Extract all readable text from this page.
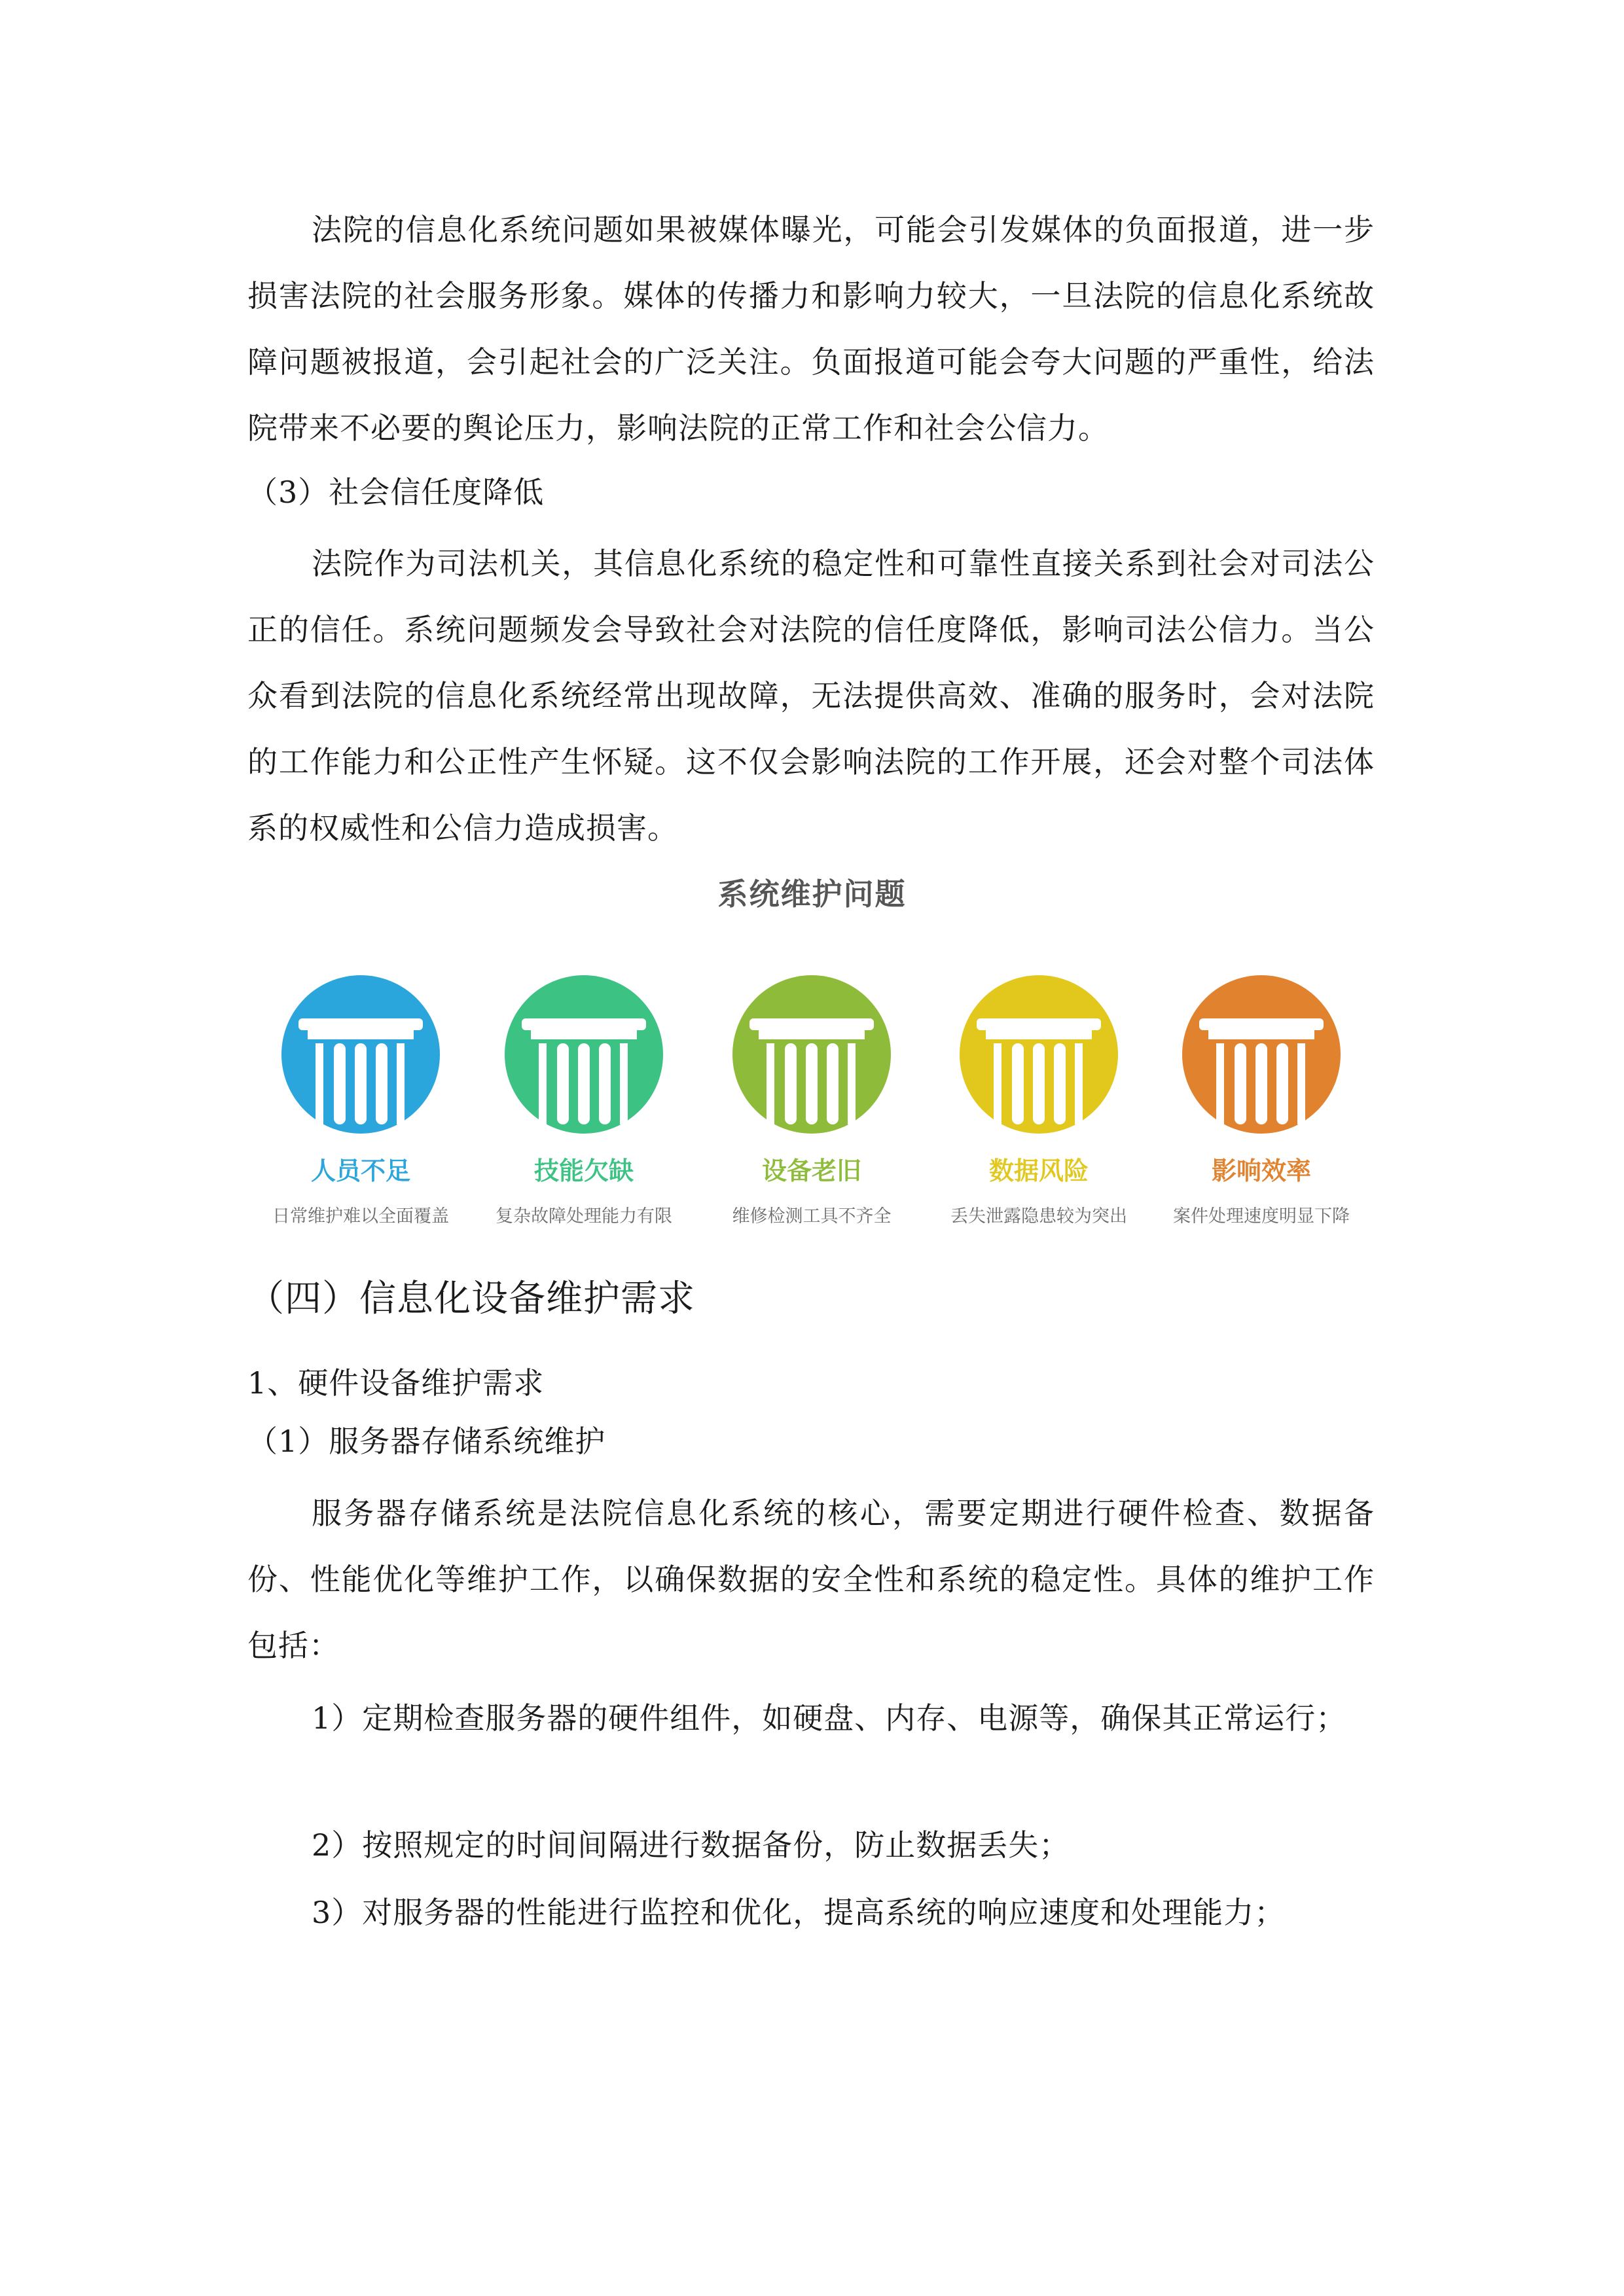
法院的信息化系统问题如果被媒体曝光，可能会引发媒体的负面报道，进一步损害法院的社会服务形象。媒体的传播力和影响力较大，一旦法院的信息化系统故障问题被报道，会引起社会的广泛关注。负面报道可能会夸大问题的严重性，给法院带来不必要的舆论压力，影响法院的正常工作和社会公信力。

（3）社会信任度降低

法院作为司法机关，其信息化系统的稳定性和可靠性直接关系到社会对司法公正的信任。系统问题频发会导致社会对法院的信任度降低，影响司法公信力。当公众看到法院的信息化系统经常出现故障，无法提供高效、准确的服务时，会对法院的工作能力和公正性产生怀疑。这不仅会影响法院的工作开展，还会对整个司法体系的权威性和公信力造成损害。

系统维护问题

人员不足

日常维护难以全面覆盖

技能欠缺

复杂故障处理能力有限

设备老旧

维修检测工具不齐全

数据风险

丢失泄露隐患较为突出

影响效率

案件处理速度明显下降

（四）信息化设备维护需求

1、硬件设备维护需求

（1）服务器存储系统维护

服务器存储系统是法院信息化系统的核心，需要定期进行硬件检查、数据备份、性能优化等维护工作，以确保数据的安全性和系统的稳定性。具体的维护工作包括：

1）定期检查服务器的硬件组件，如硬盘、内存、电源等，确保其正常运行；

2）按照规定的时间间隔进行数据备份，防止数据丢失；

3）对服务器的性能进行监控和优化，提高系统的响应速度和处理能力；
